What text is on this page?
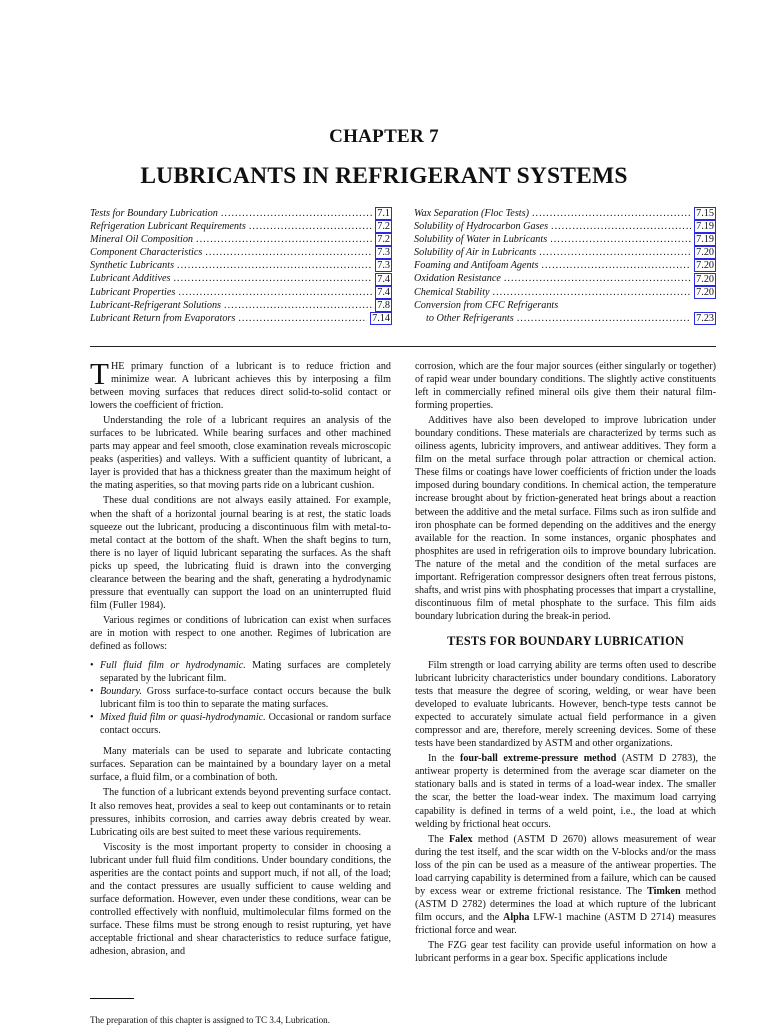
CHAPTER 7
LUBRICANTS IN REFRIGERANT SYSTEMS
Tests for Boundary Lubrication .....	7.1
Refrigeration Lubricant Requirements .....	7.2
Mineral Oil Composition .....	7.2
Component Characteristics .....	7.3
Synthetic Lubricants .....	7.3
Lubricant Additives .....	7.4
Lubricant Properties .....	7.4
Lubricant-Refrigerant Solutions .....	7.8
Lubricant Return from Evaporators .....	7.14
Wax Separation (Floc Tests) .....	7.15
Solubility of Hydrocarbon Gases .....	7.19
Solubility of Water in Lubricants .....	7.19
Solubility of Air in Lubricants .....	7.20
Foaming and Antifoam Agents .....	7.20
Oxidation Resistance .....	7.20
Chemical Stability .....	7.20
Conversion from CFC Refrigerants
to Other Refrigerants .....	7.23

THE primary function of a lubricant is to reduce friction and minimize wear. A lubricant achieves this by interposing a film between moving surfaces that reduces direct solid-to-solid contact or lowers the coefficient of friction.

Understanding the role of a lubricant requires an analysis of the surfaces to be lubricated. While bearing surfaces and other machined parts may appear and feel smooth, close examination reveals microscopic peaks (asperities) and valleys. With a sufficient quantity of lubricant, a layer is provided that has a thickness greater than the maximum height of the mating asperities, so that moving parts ride on a lubricant cushion.

These dual conditions are not always easily attained. For example, when the shaft of a horizontal journal bearing is at rest, the static loads squeeze out the lubricant, producing a discontinuous film with metal-to-metal contact at the bottom of the shaft. When the shaft begins to turn, there is no layer of liquid lubricant separating the surfaces. As the shaft picks up speed, the lubricating fluid is drawn into the converging clearance between the bearing and the shaft, generating a hydrodynamic pressure that eventually can support the load on an uninterrupted fluid film (Fuller 1984).

Various regimes or conditions of lubrication can exist when surfaces are in motion with respect to one another. Regimes of lubrication are defined as follows:

• Full fluid film or hydrodynamic. Mating surfaces are completely separated by the lubricant film.
• Boundary. Gross surface-to-surface contact occurs because the bulk lubricant film is too thin to separate the mating surfaces.
• Mixed fluid film or quasi-hydrodynamic. Occasional or random surface contact occurs.

Many materials can be used to separate and lubricate contacting surfaces. Separation can be maintained by a boundary layer on a metal surface, a fluid film, or a combination of both.

The function of a lubricant extends beyond preventing surface contact. It also removes heat, provides a seal to keep out contaminants or to retain pressures, inhibits corrosion, and carries away debris created by wear. Lubricating oils are best suited to meet these various requirements.

Viscosity is the most important property to consider in choosing a lubricant under full fluid film conditions. Under boundary conditions, the asperities are the contact points and support much, if not all, of the load; and the contact pressures are usually sufficient to cause welding and surface deformation. However, even under these conditions, wear can be controlled effectively with nonfluid, multimolecular films formed on the surface. These films must be strong enough to resist rupturing, yet have acceptable frictional and shear characteristics to reduce surface fatigue, adhesion, abrasion, and

corrosion, which are the four major sources (either singularly or together) of rapid wear under boundary conditions. The slightly active constituents left in commercially refined mineral oils give them their natural film-forming properties.

Additives have also been developed to improve lubrication under boundary conditions. These materials are characterized by terms such as oiliness agents, lubricity improvers, and antiwear additives. They form a film on the metal surface through polar attraction or chemical action. These films or coatings have lower coefficients of friction under the loads imposed during boundary conditions. In chemical action, the temperature increase brought about by friction-generated heat brings about a reaction between the additive and the metal surface. Films such as iron sulfide and iron phosphate can be formed depending on the additives and the energy available for the reaction. In some instances, organic phosphates and phosphites are used in refrigeration oils to improve boundary lubrication. The nature of the metal and the condition of the metal surfaces are important. Refrigeration compressor designers often treat ferrous pistons, shafts, and wrist pins with phosphating processes that impart a crystalline, discontinuous film of metal phosphate to the surface. This film aids boundary lubrication during the break-in period.

TESTS FOR BOUNDARY LUBRICATION

Film strength or load carrying ability are terms often used to describe lubricant lubricity characteristics under boundary conditions. Laboratory tests that measure the degree of scoring, welding, or wear have been developed to evaluate lubricants. However, bench-type tests cannot be expected to accurately simulate actual field performance in a given compressor and are, therefore, merely screening devices. Some of these tests have been standardized by ASTM and other organizations.

In the four-ball extreme-pressure method (ASTM D 2783), the antiwear property is determined from the average scar diameter on the stationary balls and is stated in terms of a load-wear index. The smaller the scar, the better the load-wear index. The maximum load carrying capability is defined in terms of a weld point, i.e., the load at which welding by frictional heat occurs.

The Falex method (ASTM D 2670) allows measurement of wear during the test itself, and the scar width on the V-blocks and/or the mass loss of the pin can be used as a measure of the antiwear properties. The load carrying capability is determined from a failure, which can be caused by excess wear or extreme frictional resistance. The Timken method (ASTM D 2782) determines the load at which rupture of the lubricant film occurs, and the Alpha LFW-1 machine (ASTM D 2714) measures frictional force and wear.

The FZG gear test facility can provide useful information on how a lubricant performs in a gear box. Specific applications include

The preparation of this chapter is assigned to TC 3.4, Lubrication.
